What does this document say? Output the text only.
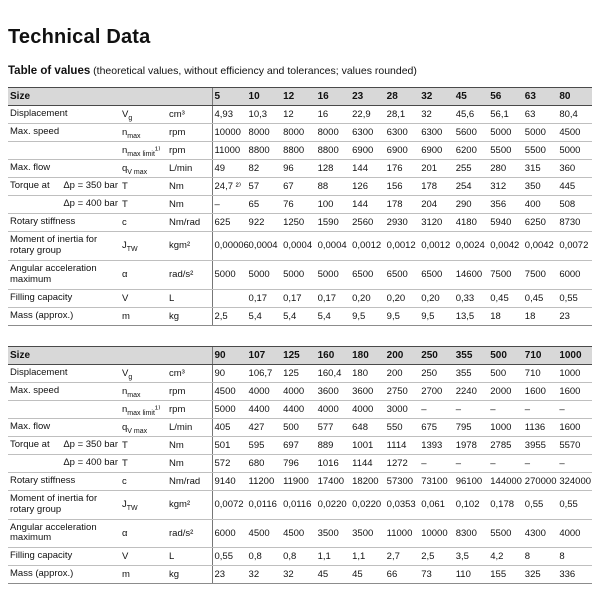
Technical Data

Table of values (theoretical values, without efficiency and tolerances; values rounded)

Size			5	10	12	16	23	28	32	45	56	63	80
Displacement	$V_g$	cm³	4,93	10,3	12	16	22,9	28,1	32	45,6	56,1	63	80,4
Max. speed	$n_{max}$	rpm	10000	8000	8000	8000	6300	6300	6300	5600	5000	5000	4500
	$n_{max limit}^{1)}$	rpm	11000	8800	8800	8800	6900	6900	6900	6200	5500	5500	5000
Max. flow	$q_{V max}$	L/min	49	82	96	128	144	176	201	255	280	315	360

Torque at Δp = 350 bar	T	Nm	24,7 ²⁾	57	67	88	126	156	178	254	312	350	445

Δp = 400 bar	T	Nm	–	65	76	100	144	178	204	290	356	400	508
Rotary stiffness	c	Nm/rad	625	922	1250	1590	2560	2930	3120	4180	5940	6250	8730
Moment of inertia for rotary group	$J_{TW}$	kgm²	0,00006	0,0004	0,0004	0,0004	0,0012	0,0012	0,0012	0,0024	0,0042	0,0042	0,0072
Angular acceleration maximum	α	rad/s²	5000	5000	5000	5000	6500	6500	6500	14600	7500	7500	6000
Filling capacity	V	L		0,17	0,17	0,17	0,20	0,20	0,20	0,33	0,45	0,45	0,55
Mass (approx.)	m	kg	2,5	5,4	5,4	5,4	9,5	9,5	9,5	13,5	18	18	23
Size			90	107	125	160	180	200	250	355	500	710	1000
Displacement	$V_g$	cm³	90	106,7	125	160,4	180	200	250	355	500	710	1000
Max. speed	$n_{max}$	rpm	4500	4000	4000	3600	3600	2750	2700	2240	2000	1600	1600
	$n_{max limit}^{1)}$	rpm	5000	4400	4400	4000	4000	3000	–	–	–	–	–
Max. flow	$q_{V max}$	L/min	405	427	500	577	648	550	675	795	1000	1136	1600

Torque at Δp = 350 bar	T	Nm	501	595	697	889	1001	1114	1393	1978	2785	3955	5570

Δp = 400 bar	T	Nm	572	680	796	1016	1144	1272	–	–	–	–	–
Rotary stiffness	c	Nm/rad	9140	11200	11900	17400	18200	57300	73100	96100	144000	270000	324000
Moment of inertia for rotary group	$J_{TW}$	kgm²	0,0072	0,0116	0,0116	0,0220	0,0220	0,0353	0,061	0,102	0,178	0,55	0,55
Angular acceleration maximum	α	rad/s²	6000	4500	4500	3500	3500	11000	10000	8300	5500	4300	4000
Filling capacity	V	L	0,55	0,8	0,8	1,1	1,1	2,7	2,5	3,5	4,2	8	8
Mass (approx.)	m	kg	23	32	32	45	45	66	73	110	155	325	336
